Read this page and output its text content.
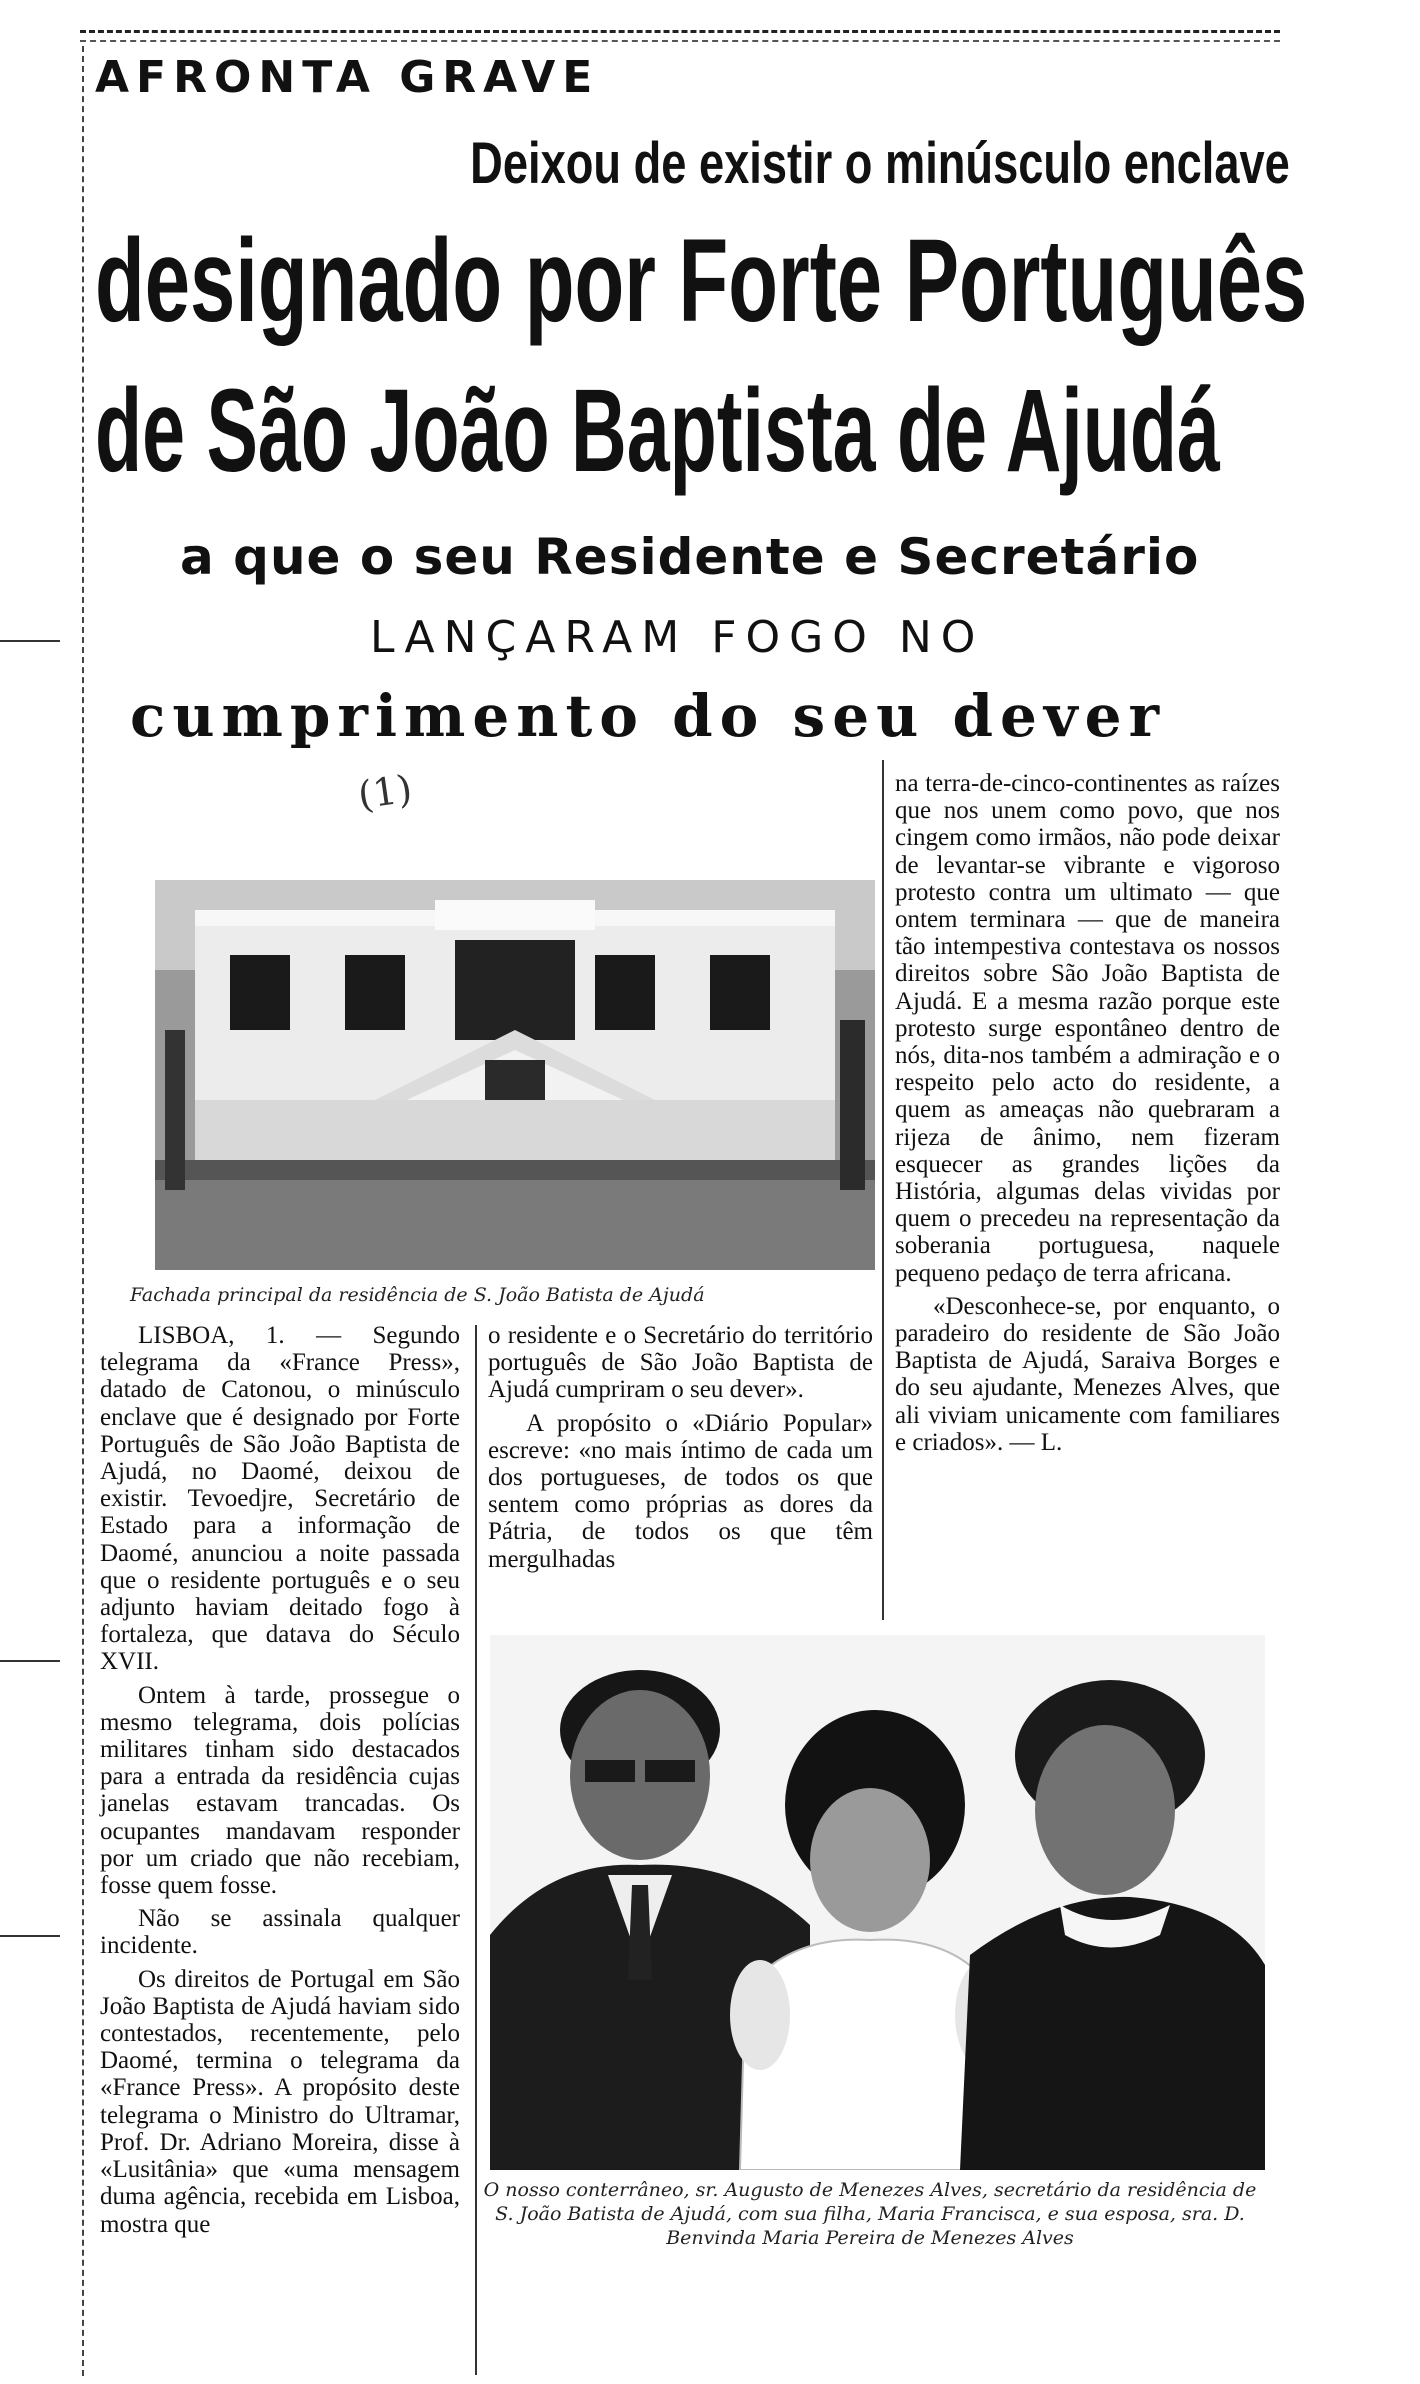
AFRONTA GRAVE
Deixou de existir o minúsculo enclave
designado por Forte Português
de São João Baptista de Ajudá
a que o seu Residente e Secretário
LANÇARAM FOGO NO
cumprimento do seu dever
(1)
Fachada principal da residência de S. João Batista de Ajudá

LISBOA, 1. — Segundo telegrama da «France Press», datado de Catonou, o minúsculo enclave que é designado por Forte Português de São João Baptista de Ajudá, no Daomé, deixou de existir. Tevoedjre, Secretário de Estado para a informação de Daomé, anunciou a noite passada que o residente português e o seu adjunto haviam deitado fogo à fortaleza, que datava do Século XVII.

Ontem à tarde, prossegue o mesmo telegrama, dois polícias militares tinham sido destacados para a entrada da residência cujas janelas estavam trancadas. Os ocupantes mandavam responder por um criado que não recebiam, fosse quem fosse.

Não se assinala qualquer incidente.

Os direitos de Portugal em São João Baptista de Ajudá haviam sido contestados, recentemente, pelo Daomé, termina o telegrama da «France Press». A propósito deste telegrama o Ministro do Ultramar, Prof. Dr. Adriano Moreira, disse à «Lusitânia» que «uma mensagem duma agência, recebida em Lisboa, mostra que

o residente e o Secretário do território português de São João Baptista de Ajudá cumpriram o seu dever».

A propósito o «Diário Popular» escreve: «no mais íntimo de cada um dos portugueses, de todos os que sentem como próprias as dores da Pátria, de todos os que têm mergulhadas

na terra-de-cinco-continentes as raízes que nos unem como povo, que nos cingem como irmãos, não pode deixar de levantar-se vibrante e vigoroso protesto contra um ultimato — que ontem terminara — que de maneira tão intempestiva contestava os nossos direitos sobre São João Baptista de Ajudá. E a mesma razão porque este protesto surge espontâneo dentro de nós, dita-nos também a admiração e o respeito pelo acto do residente, a quem as ameaças não quebraram a rijeza de ânimo, nem fizeram esquecer as grandes lições da História, algumas delas vividas por quem o precedeu na representação da soberania portuguesa, naquele pequeno pedaço de terra africana.

«Desconhece-se, por enquanto, o paradeiro do residente de São João Baptista de Ajudá, Saraiva Borges e do seu ajudante, Menezes Alves, que ali viviam unicamente com familiares e criados». — L.

O nosso conterrâneo, sr. Augusto de Menezes Alves, secretário da residência de S. João Batista de Ajudá, com sua filha, Maria Francisca, e sua esposa, sra. D. Benvinda Maria Pereira de Menezes Alves
